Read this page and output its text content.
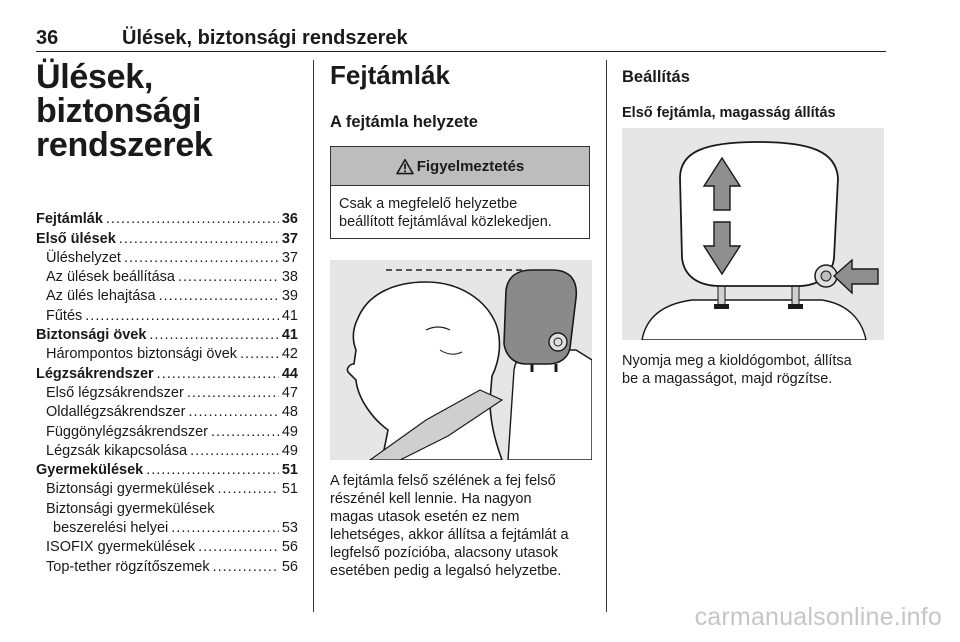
36	Ülések, biztonsági rendszerek
Ülések, biztonsági
rendszerek
Fejtámlák .....	36
Első ülések .....	37
Üléshelyzet .....	37
Az ülések beállítása .....	38
Az ülés lehajtása .....	39
Fűtés .....	41
Biztonsági övek .....	41
Hárompontos biztonsági övek .....	42
Légzsákrendszer .....	44
Első légzsákrendszer .....	47
Oldallégzsákrendszer .....	48
Függönylégzsákrendszer .....	49
Légzsák kikapcsolása .....	49
Gyermekülések .....	51
Biztonsági gyermekülések .....	51
Biztonsági gyermekülések
beszerelési helyei .....	53
ISOFIX gyermekülések .....	56
Top-tether rögzítőszemek .....	56
Fejtámlák
A fejtámla helyzete
Figyelmeztetés
Csak a megfelelő helyzetbe
beállított fejtámlával közlekedjen.
A fejtámla felső szélének a fej felső
részénél kell lennie. Ha nagyon
magas utasok esetén ez nem
lehetséges, akkor állítsa a fejtámlát a
legfelső pozícióba, alacsony utasok
esetében pedig a legalsó helyzetbe.
Beállítás
Első fejtámla, magasság állítás
Nyomja meg a kioldógombot, állítsa
be a magasságot, majd rögzítse.
carmanualsonline.info
